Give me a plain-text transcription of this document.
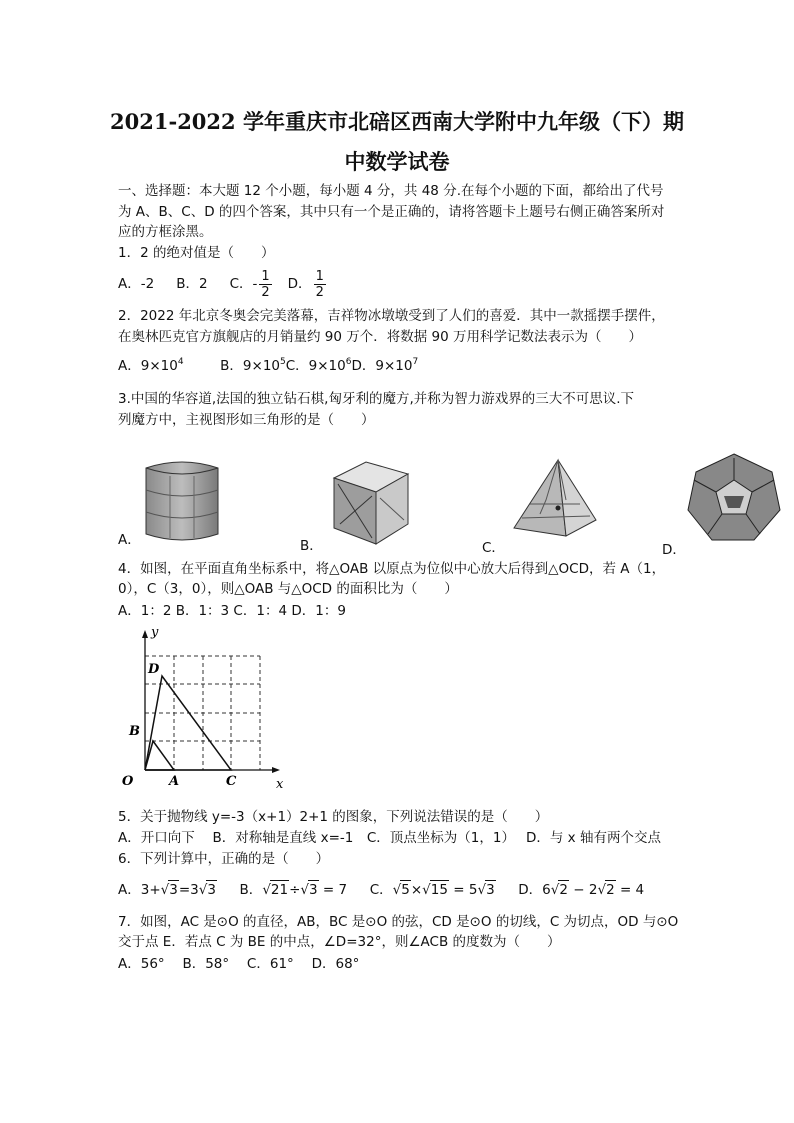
2021-2022 学年重庆市北碚区西南大学附中九年级（下）期
中数学试卷
一、选择题：本大题 12 个小题，每小题 4 分，共 48 分.在每个小题的下面，都给出了代号
为 A、B、C、D 的四个答案，其中只有一个是正确的，请将答题卡上题号右侧正确答案所对
应的方框涂黑。
1．2 的绝对值是（　　）
A．-2 B．2 C．- $\frac{1}{2}$ D． $\frac{1}{2}$
2．2022 年北京冬奥会完美落幕，吉祥物冰墩墩受到了人们的喜爱．其中一款摇摆手摆件，
在奥林匹克官方旗舰店的月销量约 90 万个．将数据 90 万用科学记数法表示为（　　）
A．$9\times 10^4$	B．$9\times 10^5C$．$9\times 10^6D$．$9\times 10^7$
3.中国的华容道,法国的独立钻石棋,匈牙利的魔方,并称为智力游戏界的三大不可思议.下
列魔方中，主视图形如三角形的是（　　）
A．	B．	C．	D．
4．如图，在平面直角坐标系中，将△OAB 以原点为位似中心放大后得到△OCD，若 A（1，
0），C（3，0），则△OAB 与△OCD 的面积比为（　　）
A．1：2 B．1：3 C．1：4 D．1：9
y
x
O	A	C
B
D
5．关于抛物线 y=-3（x+1）2+1 的图象，下列说法错误的是（　　）
A．开口向下　 B．对称轴是直线 x=-1　C．顶点坐标为（1，1）　 D．与 x 轴有两个交点
6．下列计算中，正确的是（　　）
A．3+√3=3√3 B．√21÷√3 = 7 C．√5×√15 = 5√3 D．6√2 − 2√2 = 4
7．如图，AC 是⊙O 的直径，AB，BC 是⊙O 的弦，CD 是⊙O 的切线，C 为切点，OD 与⊙O
交于点 E．若点 C 为 BE 的中点，∠D=32°，则∠ACB 的度数为（　　）
A．56°　 B．58°　 C．61°　 D．68°
